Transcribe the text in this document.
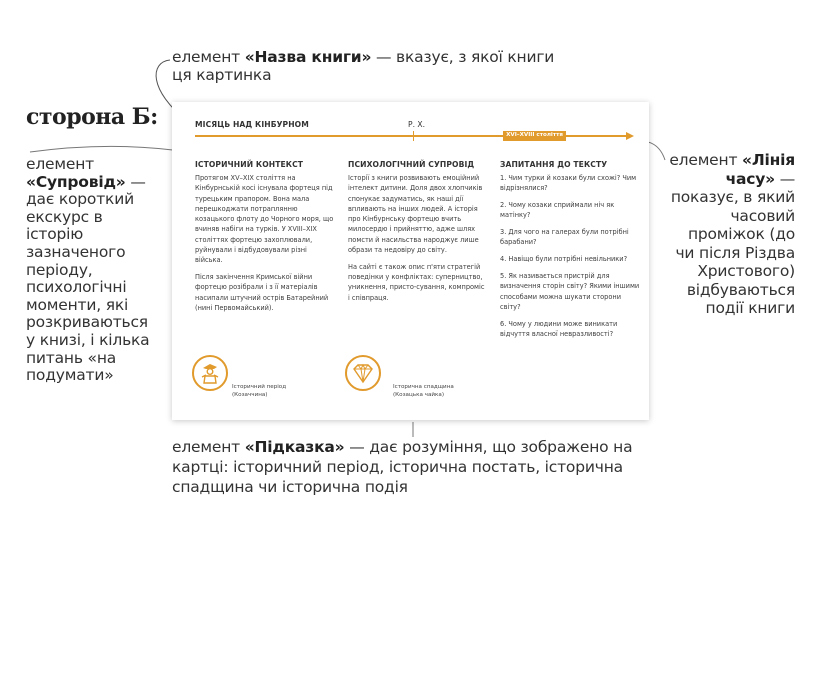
сторона Б:
елемент «Назва книги» — вказує, з якої книги ця картинка
елемент
«Супровід» — дає короткий екскурс в історію зазначеного періоду, психологічні моменти, які розкриваються у книзі, і кілька питань «на подумати»
елемент «Лінія часу» — показує, в який часовий проміжок (до чи після Різдва Христового) відбуваються події книги
елемент «Підказка» — дає розуміння, що зображено на картці: історичний період, історична постать, історична спадщина чи історична подія
МІСЯЦЬ НАД КІНБУРНОМ	Р. Х.
XVI–XVIII століття
ІСТОРИЧНИЙ КОНТЕКСТ

Протягом XV–XIX століття на Кінбурнській косі існувала фортеця під турецьким прапором. Вона мала перешкоджати потраплянню козацького флоту до Чорного моря, що вчиняв набіги на турків. У XVIII–XIX століттях фортецю захоплювали, руйнували і відбудовували різні війська.

Після закінчення Кримської війни фортецю розібрали і з її матеріалів насипали штучний острів Батарейний (нині Первомайський).

ПСИХОЛОГІЧНИЙ СУПРОВІД

Історії з книги розвивають емоційний інтелект дитини. Доля двох хлопчиків спонукає задуматись, як наші дії впливають на інших людей. А історія про Кінбурнську фортецю вчить милосердю і прийняттю, адже шлях помсти й насильства народжує лише образи та недовіру до світу.

На сайті є також опис п'яти стратегій поведінки у конфліктах: суперництво, уникнення, присто-сування, компроміс і співпраця.

ЗАПИТАННЯ ДО ТЕКСТУ

1. Чим турки й козаки були схожі? Чим відрізнялися?

2. Чому козаки сприймали ніч як матінку?

3. Для чого на галерах були потрібні барабани?

4. Навіщо були потрібні невільники?

5. Як називається пристрій для визначення сторін світу? Якими іншими способами можна шукати сторони світу?

6. Чому у людини може виникати відчуття власної невразливості?

Історичний період (Козаччина)
Історична спадщина (Козацька чайка)
